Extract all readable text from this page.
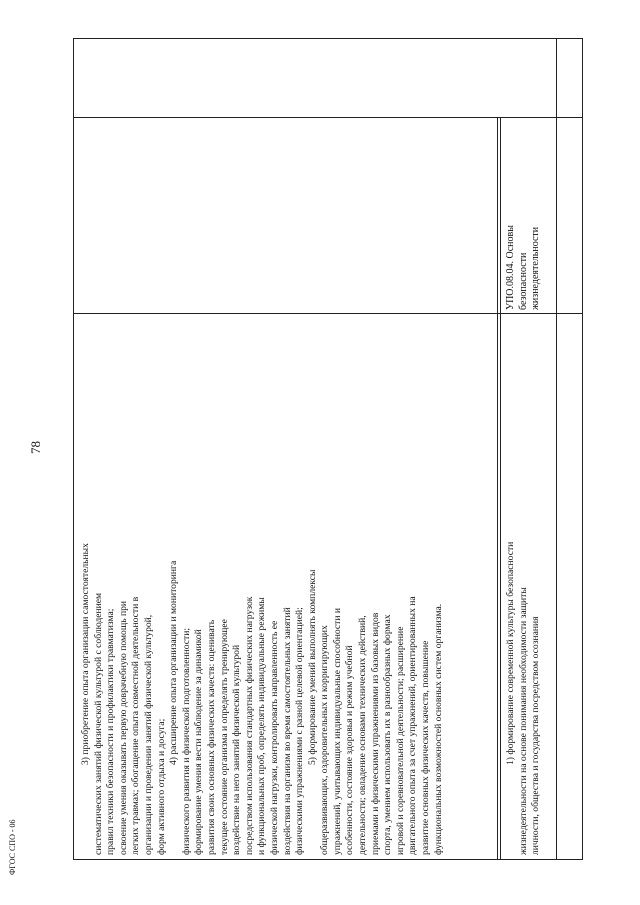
78
ФГОС СПО - 06

3) приобретение опыта организации самостоятельных систематических занятий физической культурой с соблюдением правил техники безопасности и профилактики травматизма; освоение умения оказывать первую доврачебную помощь при легких травмах; обогащение опыта совместной деятельности в организации и проведении занятий физической культурой, форм активного отдыха и досуга;

4) расширение опыта организации и мониторинга физического развития и физической подготовленности; формирование умения вести наблюдение за динамикой развития своих основных физических качеств: оценивать текущее состояние организма и определять тренирующее воздействие на него занятий физической культурой посредством использования стандартных физических нагрузок и функциональных проб, определять индивидуальные режимы физической нагрузки, контролировать направленность ее воздействия на организм во время самостоятельных занятий физическими упражнениями с разной целевой ориентацией; 5) формирование умений выполнять комплексы общеразвивающих, оздоровительных и корригирующих упражнений, учитывающих индивидуальные способности и особенности, состояние здоровья и режим учебной деятельности; овладение основами технических действий, приемами и физическими упражнениями из базовых видов спорта, умением использовать их в разнообразных формах игровой и соревновательной деятельности; расширение двигательного опыта за счет упражнений, ориентированных на развитие основных физических качеств, повышение функциональных возможностей основных систем организма.	1) формирование современной культуры безопасности жизнедеятельности на основе понимания необходимости защиты личности, общества и государства посредством осознания

УПО.08.04. Основы безопасности жизнедеятельности
